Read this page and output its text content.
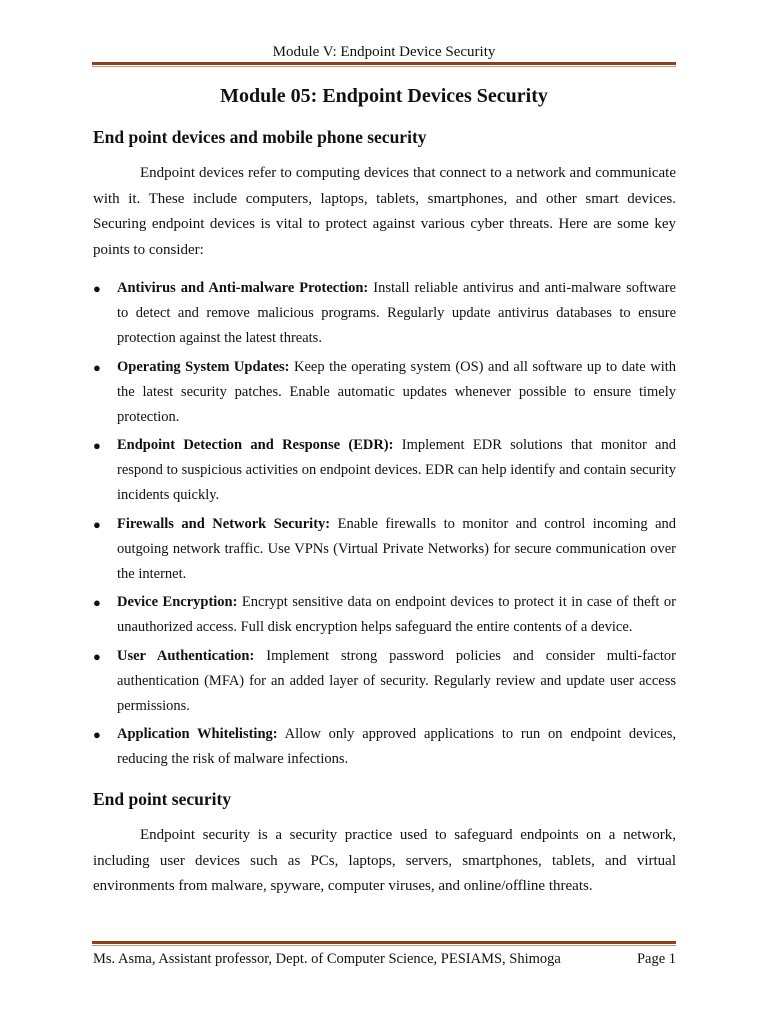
Module V: Endpoint Device Security
Module 05: Endpoint Devices Security
End point devices and mobile phone security

Endpoint devices refer to computing devices that connect to a network and communicate with it. These include computers, laptops, tablets, smartphones, and other smart devices. Securing endpoint devices is vital to protect against various cyber threats. Here are some key points to consider:

● Antivirus and Anti-malware Protection: Install reliable antivirus and anti-malware software to detect and remove malicious programs. Regularly update antivirus databases to ensure protection against the latest threats.
● Operating System Updates: Keep the operating system (OS) and all software up to date with the latest security patches. Enable automatic updates whenever possible to ensure timely protection.
● Endpoint Detection and Response (EDR): Implement EDR solutions that monitor and respond to suspicious activities on endpoint devices. EDR can help identify and contain security incidents quickly.
● Firewalls and Network Security: Enable firewalls to monitor and control incoming and outgoing network traffic. Use VPNs (Virtual Private Networks) for secure communication over the internet.
● Device Encryption: Encrypt sensitive data on endpoint devices to protect it in case of theft or unauthorized access. Full disk encryption helps safeguard the entire contents of a device.
● User Authentication: Implement strong password policies and consider multi-factor authentication (MFA) for an added layer of security. Regularly review and update user access permissions.
● Application Whitelisting: Allow only approved applications to run on endpoint devices, reducing the risk of malware infections.
End point security

Endpoint security is a security practice used to safeguard endpoints on a network, including user devices such as PCs, laptops, servers, smartphones, tablets, and virtual environments from malware, spyware, computer viruses, and online/offline threats.

Ms. Asma, Assistant professor, Dept. of Computer Science, PESIAMS, Shimoga	Page 1
